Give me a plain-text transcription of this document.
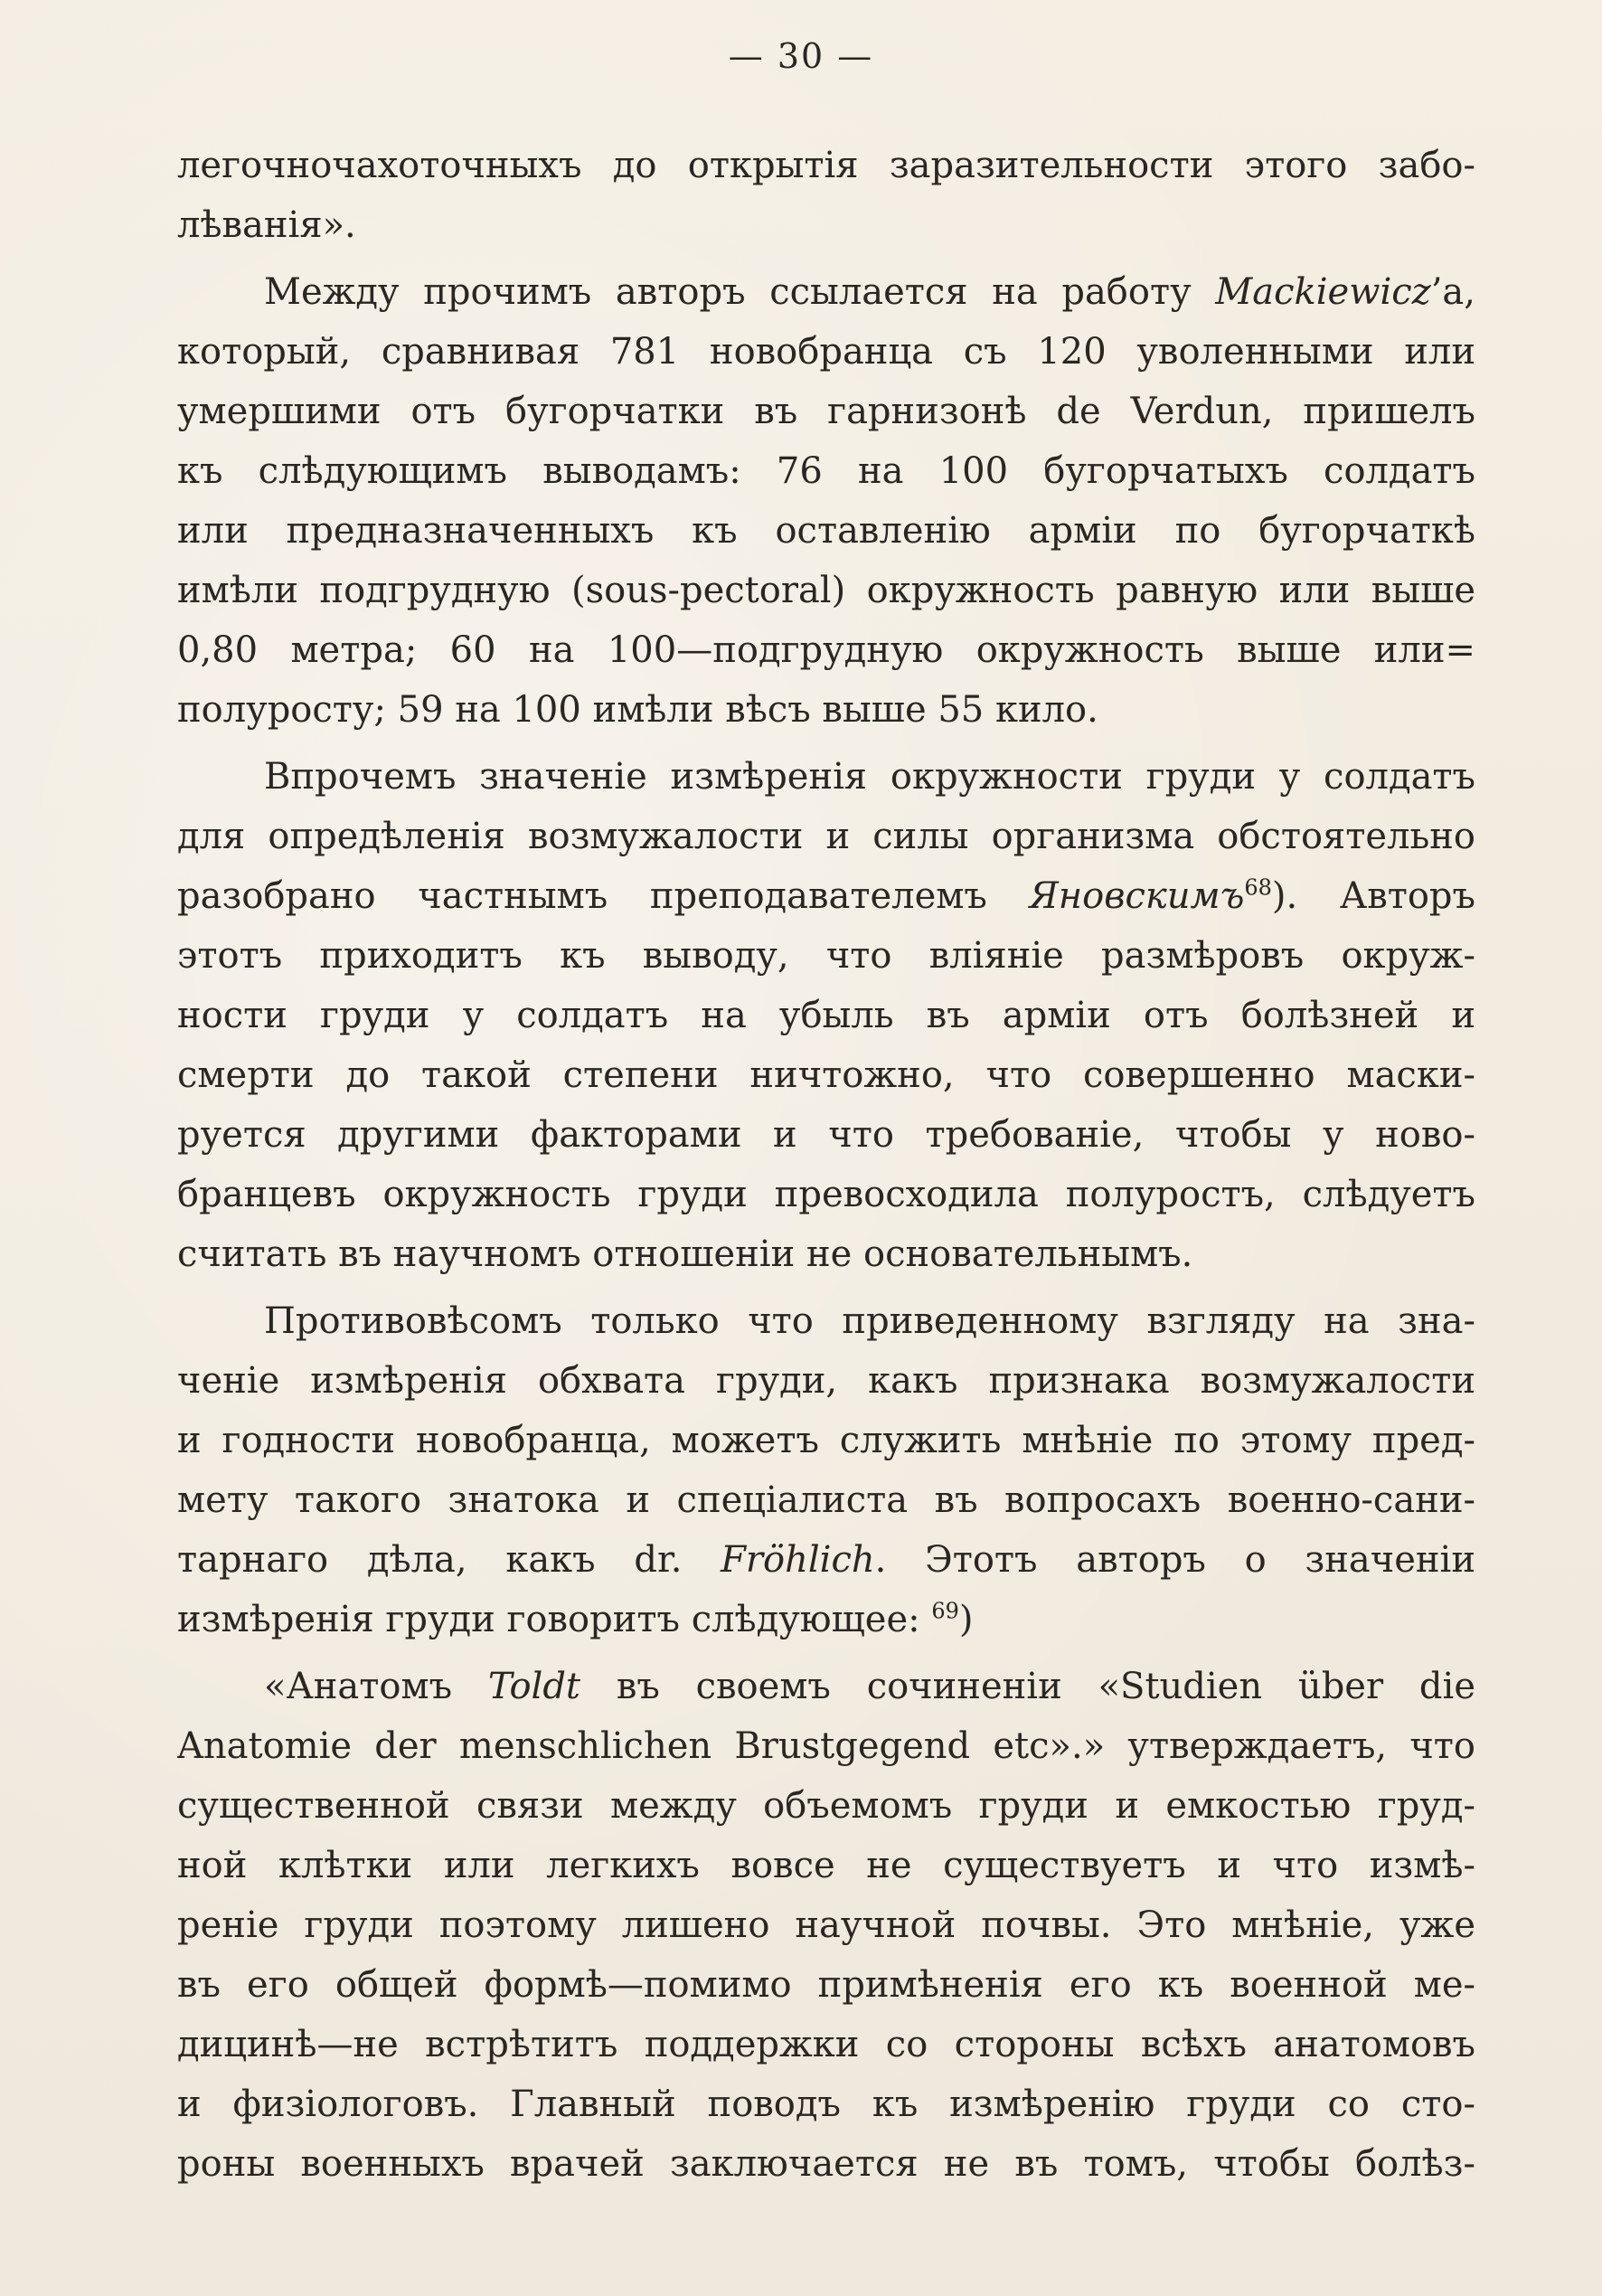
— 30 —
легочночахоточныхъ до открытія заразительности этого забо-
лѣванія».
Между прочимъ авторъ ссылается на работу Mackiewicz’а,
который, сравнивая 781 новобранца съ 120 уволенными или
умершими отъ бугорчатки въ гарнизонѣ de Verdun, пришелъ
къ слѣдующимъ выводамъ: 76 на 100 бугорчатыхъ солдатъ
или предназначенныхъ къ оставленію арміи по бугорчаткѣ
имѣли подгрудную (sous-pectoral) окружность равную или выше
0,80 метра; 60 на 100—подгрудную окружность выше или=
полуросту; 59 на 100 имѣли вѣсъ выше 55 кило.
Впрочемъ значеніе измѣренія окружности груди у солдатъ
для опредѣленія возмужалости и силы организма обстоятельно
разобрано частнымъ преподавателемъ Яновскимъ$^{68}$). Авторъ
этотъ приходитъ къ выводу, что вліяніе размѣровъ окруж-
ности груди у солдатъ на убыль въ арміи отъ болѣзней и
смерти до такой степени ничтожно, что совершенно маски-
руется другими факторами и что требованіе, чтобы у ново-
бранцевъ окружность груди превосходила полуростъ, слѣдуетъ
считать въ научномъ отношеніи не основательнымъ.
Противовѣсомъ только что приведенному взгляду на зна-
ченіе измѣренія обхвата груди, какъ признака возмужалости
и годности новобранца, можетъ служить мнѣніе по этому пред-
мету такого знатока и спеціалиста въ вопросахъ военно-сани-
тарнаго дѣла, какъ dr. Fröhlich. Этотъ авторъ о значеніи
измѣренія груди говоритъ слѣдующее: $^{69}$)
«Анатомъ Toldt въ своемъ сочиненіи «Studien über die
Anatomie der menschlichen Brustgegend etc».» утверждаетъ, что
существенной связи между объемомъ груди и емкостью груд-
ной клѣтки или легкихъ вовсе не существуетъ и что измѣ-
реніе груди поэтому лишено научной почвы. Это мнѣніе, уже
въ его общей формѣ—помимо примѣненія его къ военной ме-
дицинѣ—не встрѣтитъ поддержки со стороны всѣхъ анатомовъ
и физіологовъ. Главный поводъ къ измѣренію груди со сто-
роны военныхъ врачей заключается не въ томъ, чтобы болѣз-
